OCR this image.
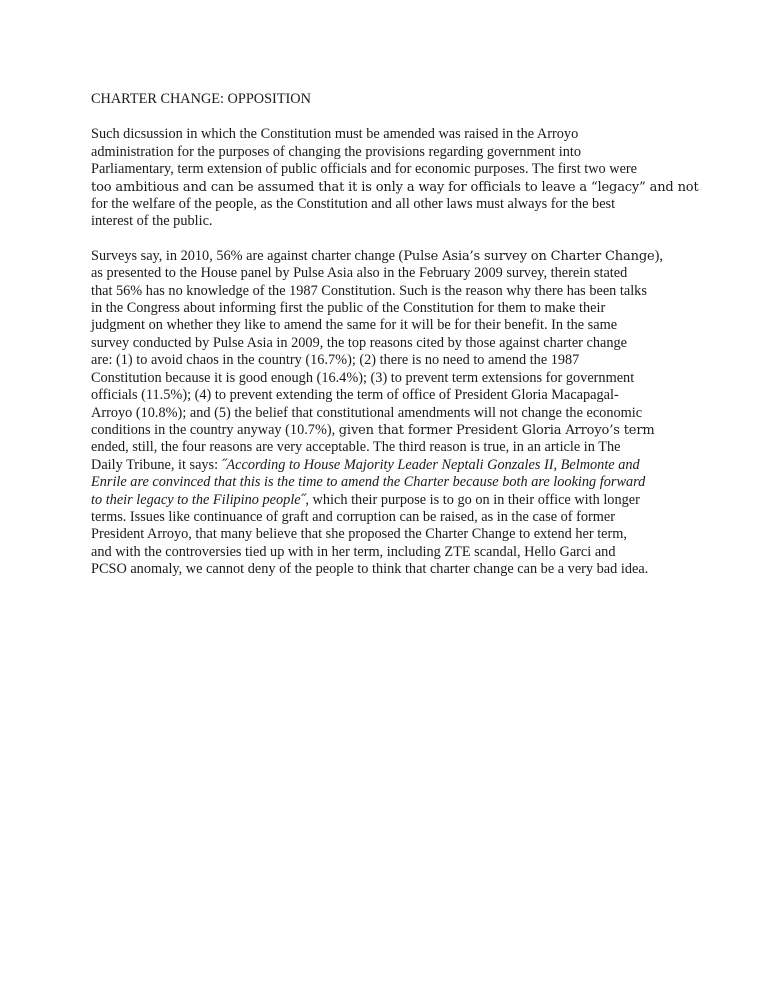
CHARTER CHANGE: OPPOSITION
Such dicsussion in which the Constitution must be amended was raised in the Arroyo
administration for the purposes of changing the provisions regarding government into
Parliamentary, term extension of public officials and for economic purposes. The first two were
too ambitious and can be assumed that it is only a way for officials to leave a “legacy” and not
for the welfare of the people, as the Constitution and all other laws must always for the best
interest of the public.
Surveys say, in 2010, 56% are against charter change (Pulse Asia’s survey on Charter Change),
as presented to the House panel by Pulse Asia also in the February 2009 survey, therein stated
that 56% has no knowledge of the 1987 Constitution. Such is the reason why there has been talks
in the Congress about informing first the public of the Constitution for them to make their
judgment on whether they like to amend the same for it will be for their benefit. In the same
survey conducted by Pulse Asia in 2009, the top reasons cited by those against charter change
are: (1) to avoid chaos in the country (16.7%); (2) there is no need to amend the 1987
Constitution because it is good enough (16.4%); (3) to prevent term extensions for government
officials (11.5%); (4) to prevent extending the term of office of President Gloria Macapagal-
Arroyo (10.8%); and (5) the belief that constitutional amendments will not change the economic
conditions in the country anyway (10.7%), given that former President Gloria Arroyo’s term
ended, still, the four reasons are very acceptable. The third reason is true, in an article in The
Daily Tribune, it says: ˝According to House Majority Leader Neptali Gonzales II, Belmonte and
Enrile are convinced that this is the time to amend the Charter because both are looking forward
to their legacy to the Filipino people˝, which their purpose is to go on in their office with longer
terms. Issues like continuance of graft and corruption can be raised, as in the case of former
President Arroyo, that many believe that she proposed the Charter Change to extend her term,
and with the controversies tied up with in her term, including ZTE scandal, Hello Garci and
PCSO anomaly, we cannot deny of the people to think that charter change can be a very bad idea.
